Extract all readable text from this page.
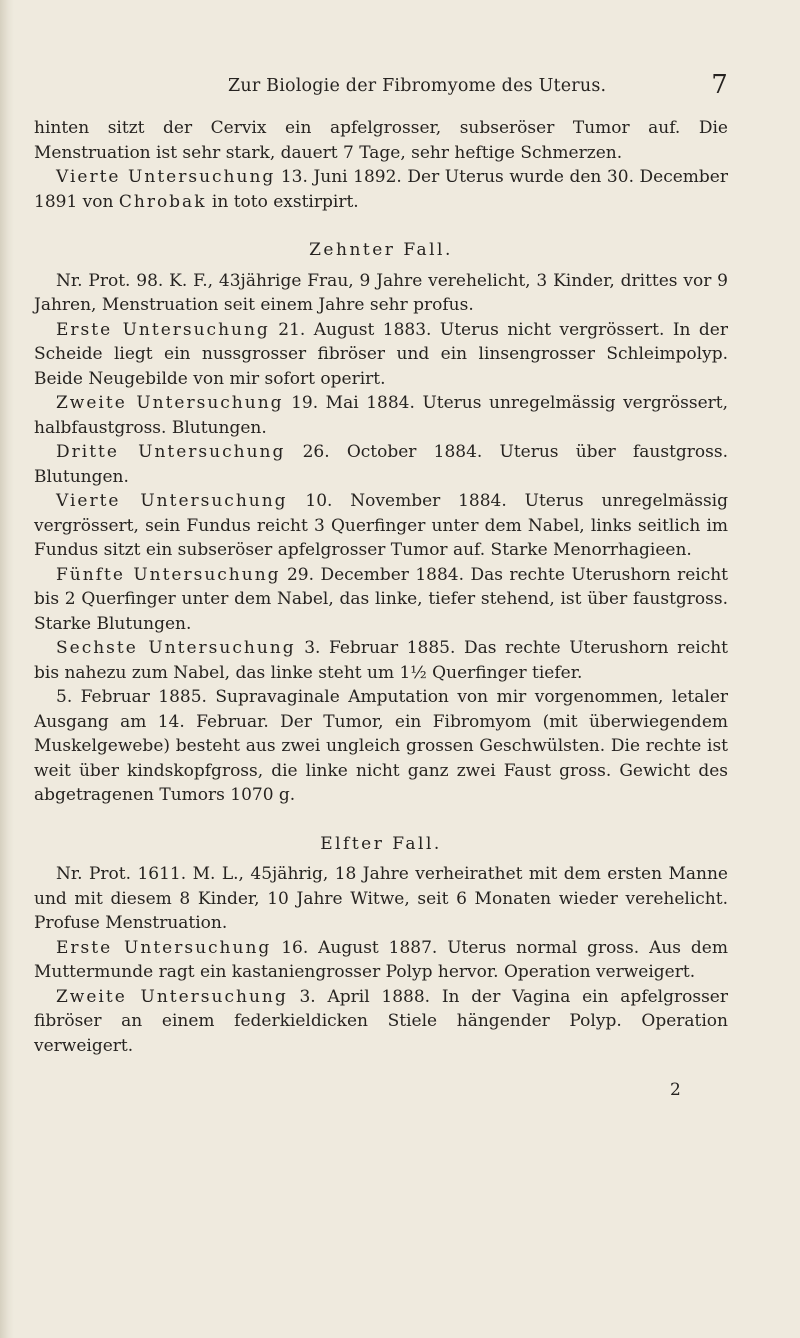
Zur Biologie der Fibromyome des Uterus.	7

hinten sitzt der Cervix ein apfelgrosser, subseröser Tumor auf. Die Menstruation ist sehr stark, dauert 7 Tage, sehr heftige Schmerzen.

Vierte Untersuchung 13. Juni 1892. Der Uterus wurde den 30. December 1891 von Chrobak in toto exstirpirt.

Zehnter Fall.

Nr. Prot. 98. K. F., 43jährige Frau, 9 Jahre verehelicht, 3 Kinder, drittes vor 9 Jahren, Menstruation seit einem Jahre sehr profus.

Erste Untersuchung 21. August 1883. Uterus nicht vergrössert. In der Scheide liegt ein nussgrosser fibröser und ein linsengrosser Schleimpolyp. Beide Neugebilde von mir sofort operirt.

Zweite Untersuchung 19. Mai 1884. Uterus unregelmässig vergrössert, halbfaustgross. Blutungen.

Dritte Untersuchung 26. October 1884. Uterus über faustgross. Blutungen.

Vierte Untersuchung 10. November 1884. Uterus unregelmässig vergrössert, sein Fundus reicht 3 Querfinger unter dem Nabel, links seitlich im Fundus sitzt ein subseröser apfelgrosser Tumor auf. Starke Menorrhagieen.

Fünfte Untersuchung 29. December 1884. Das rechte Uterushorn reicht bis 2 Querfinger unter dem Nabel, das linke, tiefer stehend, ist über faustgross. Starke Blutungen.

Sechste Untersuchung 3. Februar 1885. Das rechte Uterushorn reicht bis nahezu zum Nabel, das linke steht um 1½ Querfinger tiefer.

5. Februar 1885. Supravaginale Amputation von mir vorgenommen, letaler Ausgang am 14. Februar. Der Tumor, ein Fibromyom (mit überwiegendem Muskelgewebe) besteht aus zwei ungleich grossen Geschwülsten. Die rechte ist weit über kindskopfgross, die linke nicht ganz zwei Faust gross. Gewicht des abgetragenen Tumors 1070 g.

Elfter Fall.

Nr. Prot. 1611. M. L., 45jährig, 18 Jahre verheirathet mit dem ersten Manne und mit diesem 8 Kinder, 10 Jahre Witwe, seit 6 Monaten wieder verehelicht. Profuse Menstruation.

Erste Untersuchung 16. August 1887. Uterus normal gross. Aus dem Muttermunde ragt ein kastaniengrosser Polyp hervor. Operation verweigert.

Zweite Untersuchung 3. April 1888. In der Vagina ein apfelgrosser fibröser an einem federkieldicken Stiele hängender Polyp. Operation verweigert.

2
